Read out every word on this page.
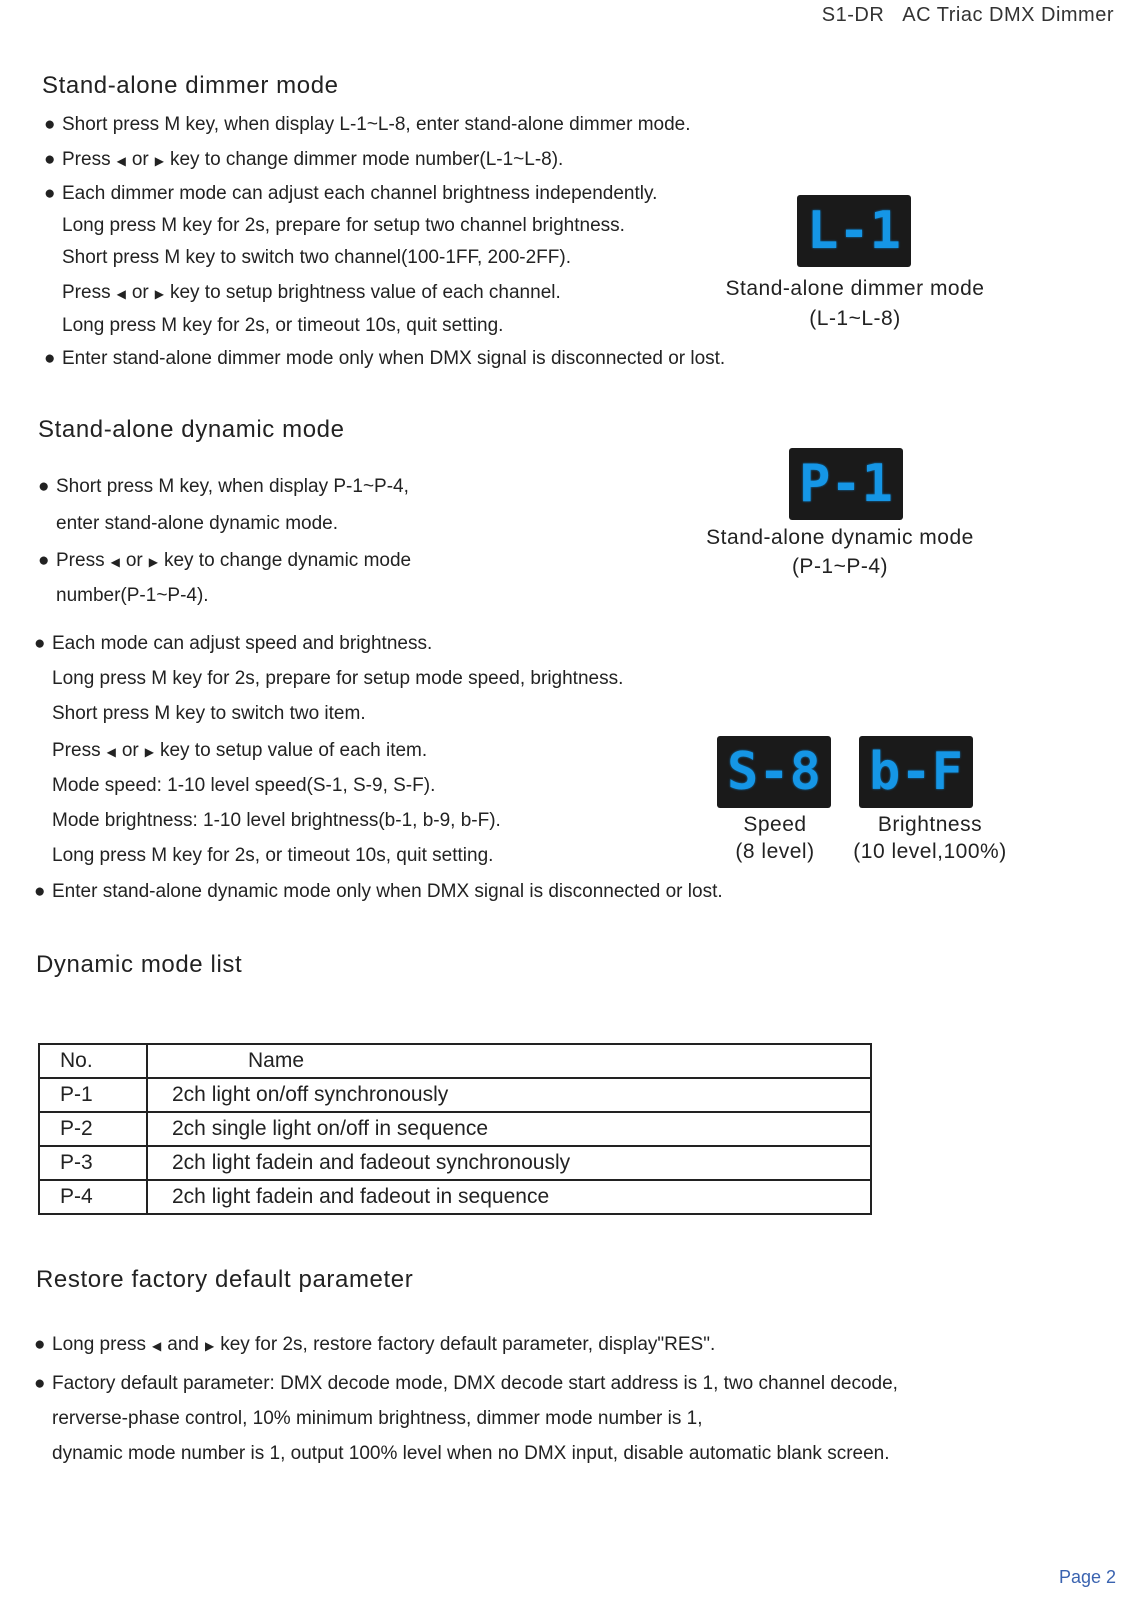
S1-DR AC Triac DMX Dimmer
Stand-alone dimmer mode
● Short press M key, when display L-1~L-8, enter stand-alone dimmer mode.
● Press ◀ or ▶ key to change dimmer mode number(L-1~L-8).
● Each dimmer mode can adjust each channel brightness independently.
Long press M key for 2s, prepare for setup two channel brightness.
Short press M key to switch two channel(100-1FF, 200-2FF).
Press ◀ or ▶ key to setup brightness value of each channel.
Long press M key for 2s, or timeout 10s, quit setting.
● Enter stand-alone dimmer mode only when DMX signal is disconnected or lost.
L-1
Stand-alone dimmer mode
(L-1~L-8)
Stand-alone dynamic mode
● Short press M key, when display P-1~P-4,
enter stand-alone dynamic mode.
● Press ◀ or ▶ key to change dynamic mode
number(P-1~P-4).
● Each mode can adjust speed and brightness.
Long press M key for 2s, prepare for setup mode speed, brightness.
Short press M key to switch two item.
Press ◀ or ▶ key to setup value of each item.
Mode speed: 1-10 level speed(S-1, S-9, S-F).
Mode brightness: 1-10 level brightness(b-1, b-9, b-F).
Long press M key for 2s, or timeout 10s, quit setting.
● Enter stand-alone dynamic mode only when DMX signal is disconnected or lost.
P-1
Stand-alone dynamic mode
(P-1~P-4)
S-8 b-F
Speed
(8 level)
Brightness
(10 level,100%)
Dynamic mode list
No.	Name
P-1	2ch light on/off synchronously
P-2	2ch single light on/off in sequence
P-3	2ch light fadein and fadeout synchronously
P-4	2ch light fadein and fadeout in sequence
Restore factory default parameter
● Long press ◀ and ▶ key for 2s, restore factory default parameter, display"RES".
● Factory default parameter: DMX decode mode, DMX decode start address is 1, two channel decode,
rerverse-phase control, 10% minimum brightness, dimmer mode number is 1,
dynamic mode number is 1, output 100% level when no DMX input, disable automatic blank screen.
Page 2
